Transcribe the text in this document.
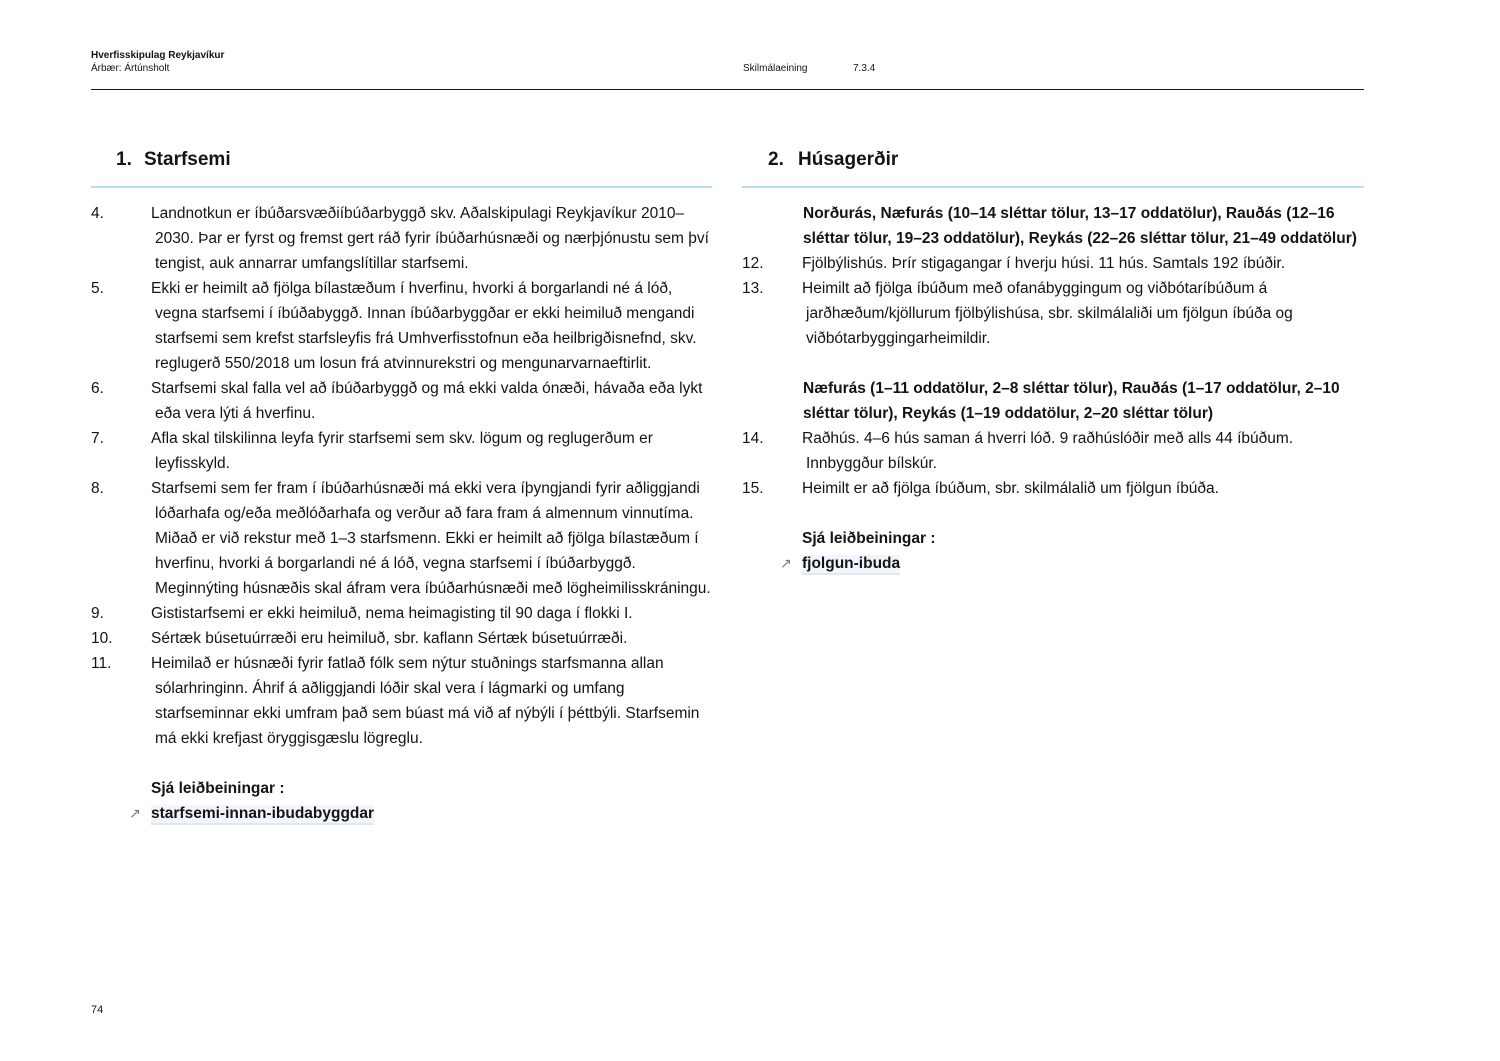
Hverfisskipulag Reykjavíkur
Árbær: Ártúnsholt	Skilmálaeining	7.3.4
1. Starfsemi
4.	Landnotkun er íbúðarsvæðiíbúðarbyggð skv. Aðalskipulagi Reykjavíkur 2010–2030. Þar er fyrst og fremst gert ráð fyrir íbúðarhúsnæði og nærþjónustu sem því tengist, auk annarrar umfangslítillar starfsemi.
5.	Ekki er heimilt að fjölga bílastæðum í hverfinu, hvorki á borgarlandi né á lóð, vegna starfsemi í íbúðabyggð. Innan íbúðarbyggðar er ekki heimiluð mengandi starfsemi sem krefst starfsleyfis frá Umhverfisstofnun eða heilbrigðisnefnd, skv. reglugerð 550/2018 um losun frá atvinnurekstri og mengunarvarnaeftirlit.
6.	Starfsemi skal falla vel að íbúðarbyggð og má ekki valda ónæði, hávaða eða lykt eða vera lýti á hverfinu.
7.	Afla skal tilskilinna leyfa fyrir starfsemi sem skv. lögum og reglugerðum er leyfisskyld.
8.	Starfsemi sem fer fram í íbúðarhúsnæði má ekki vera íþyngjandi fyrir aðliggjandi lóðarhafa og/eða meðlóðarhafa og verður að fara fram á almennum vinnutíma. Miðað er við rekstur með 1–3 starfsmenn. Ekki er heimilt að fjölga bílastæðum í hverfinu, hvorki á borgarlandi né á lóð, vegna starfsemi í íbúðarbyggð. Meginnýting húsnæðis skal áfram vera íbúðarhúsnæði með lögheimilisskráningu.
9.	Gististarfsemi er ekki heimiluð, nema heimagisting til 90 daga í flokki I.
10. Sértæk búsetuúrræði eru heimiluð, sbr. kaflann Sértæk búsetuúrræði.
11.	Heimilað er húsnæði fyrir fatlað fólk sem nýtur stuðnings starfsmanna allan sólarhringinn. Áhrif á aðliggjandi lóðir skal vera í lágmarki og umfang starfseminnar ekki umfram það sem búast má við af nýbýli í þéttbýli. Starfsemin má ekki krefjast öryggisgæslu lögreglu.
Sjá leiðbeiningar :
↗ starfsemi-innan-ibudabyggdar
2. Húsagerðir
Norðurás, Næfurás (10–14 sléttar tölur, 13–17 oddatölur), Rauðás (12–16 sléttar tölur, 19–23 oddatölur), Reykás (22–26 sléttar tölur, 21–49 oddatölur)
12. Fjölbýlishús. Þrír stigagangar í hverju húsi. 11 hús. Samtals 192 íbúðir.
13. Heimilt að fjölga íbúðum með ofanábyggingum og viðbótaríbúðum á jarðhæðum/kjöllurum fjölbýlishúsa, sbr. skilmálaliði um fjölgun íbúða og viðbótarbyggingarheimildir.
Næfurás (1–11 oddatölur, 2–8 sléttar tölur), Rauðás (1–17 oddatölur, 2–10 sléttar tölur), Reykás (1–19 oddatölur, 2–20 sléttar tölur)
14. Raðhús. 4–6 hús saman á hverri lóð. 9 raðhúslóðir með alls 44 íbúðum. Innbyggður bílskúr.
15. Heimilt er að fjölga íbúðum, sbr. skilmálalið um fjölgun íbúða.
Sjá leiðbeiningar :
↗ fjolgun-ibuda
74
